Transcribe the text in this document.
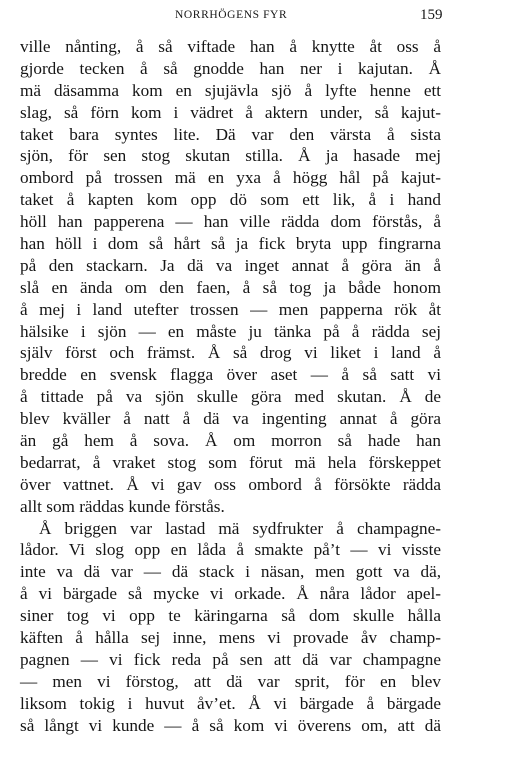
NORRHÖGENS FYR	159
ville nånting, å så viftade han å knytte åt oss å
gjorde tecken å så gnodde han ner i kajutan. Å
mä däsamma kom en sjujävla sjö å lyfte henne ett
slag, så förn kom i vädret å aktern under, så kajut-
taket bara syntes lite. Dä var den värsta å sista
sjön, för sen stog skutan stilla. Å ja hasade mej
ombord på trossen mä en yxa å högg hål på kajut-
taket å kapten kom opp dö som ett lik, å i hand
höll han papperena — han ville rädda dom förstås, å
han höll i dom så hårt så ja fick bryta upp fingrarna
på den stackarn. Ja dä va inget annat å göra än å
slå en ända om den faen, å så tog ja både honom
å mej i land utefter trossen — men papperna rök åt
hälsike i sjön — en måste ju tänka på å rädda sej
själv först och främst. Å så drog vi liket i land å
bredde en svensk flagga över aset — å så satt vi
å tittade på va sjön skulle göra med skutan. Å de
blev kväller å natt å dä va ingenting annat å göra
än gå hem å sova. Å om morron så hade han
bedarrat, å vraket stog som förut mä hela förskeppet
över vattnet. Å vi gav oss ombord å försökte rädda
allt som räddas kunde förstås.
Å briggen var lastad mä sydfrukter å champagne-
lådor. Vi slog opp en låda å smakte på’t — vi visste
inte va dä var — dä stack i näsan, men gott va dä,
å vi bärgade så mycke vi orkade. Å nåra lådor apel-
siner tog vi opp te käringarna så dom skulle hålla
käften å hålla sej inne, mens vi provade åv champ-
pagnen — vi fick reda på sen att dä var champagne
— men vi förstog, att dä var sprit, för en blev
liksom tokig i huvut åv’et. Å vi bärgade å bärgade
så långt vi kunde — å så kom vi överens om, att dä
